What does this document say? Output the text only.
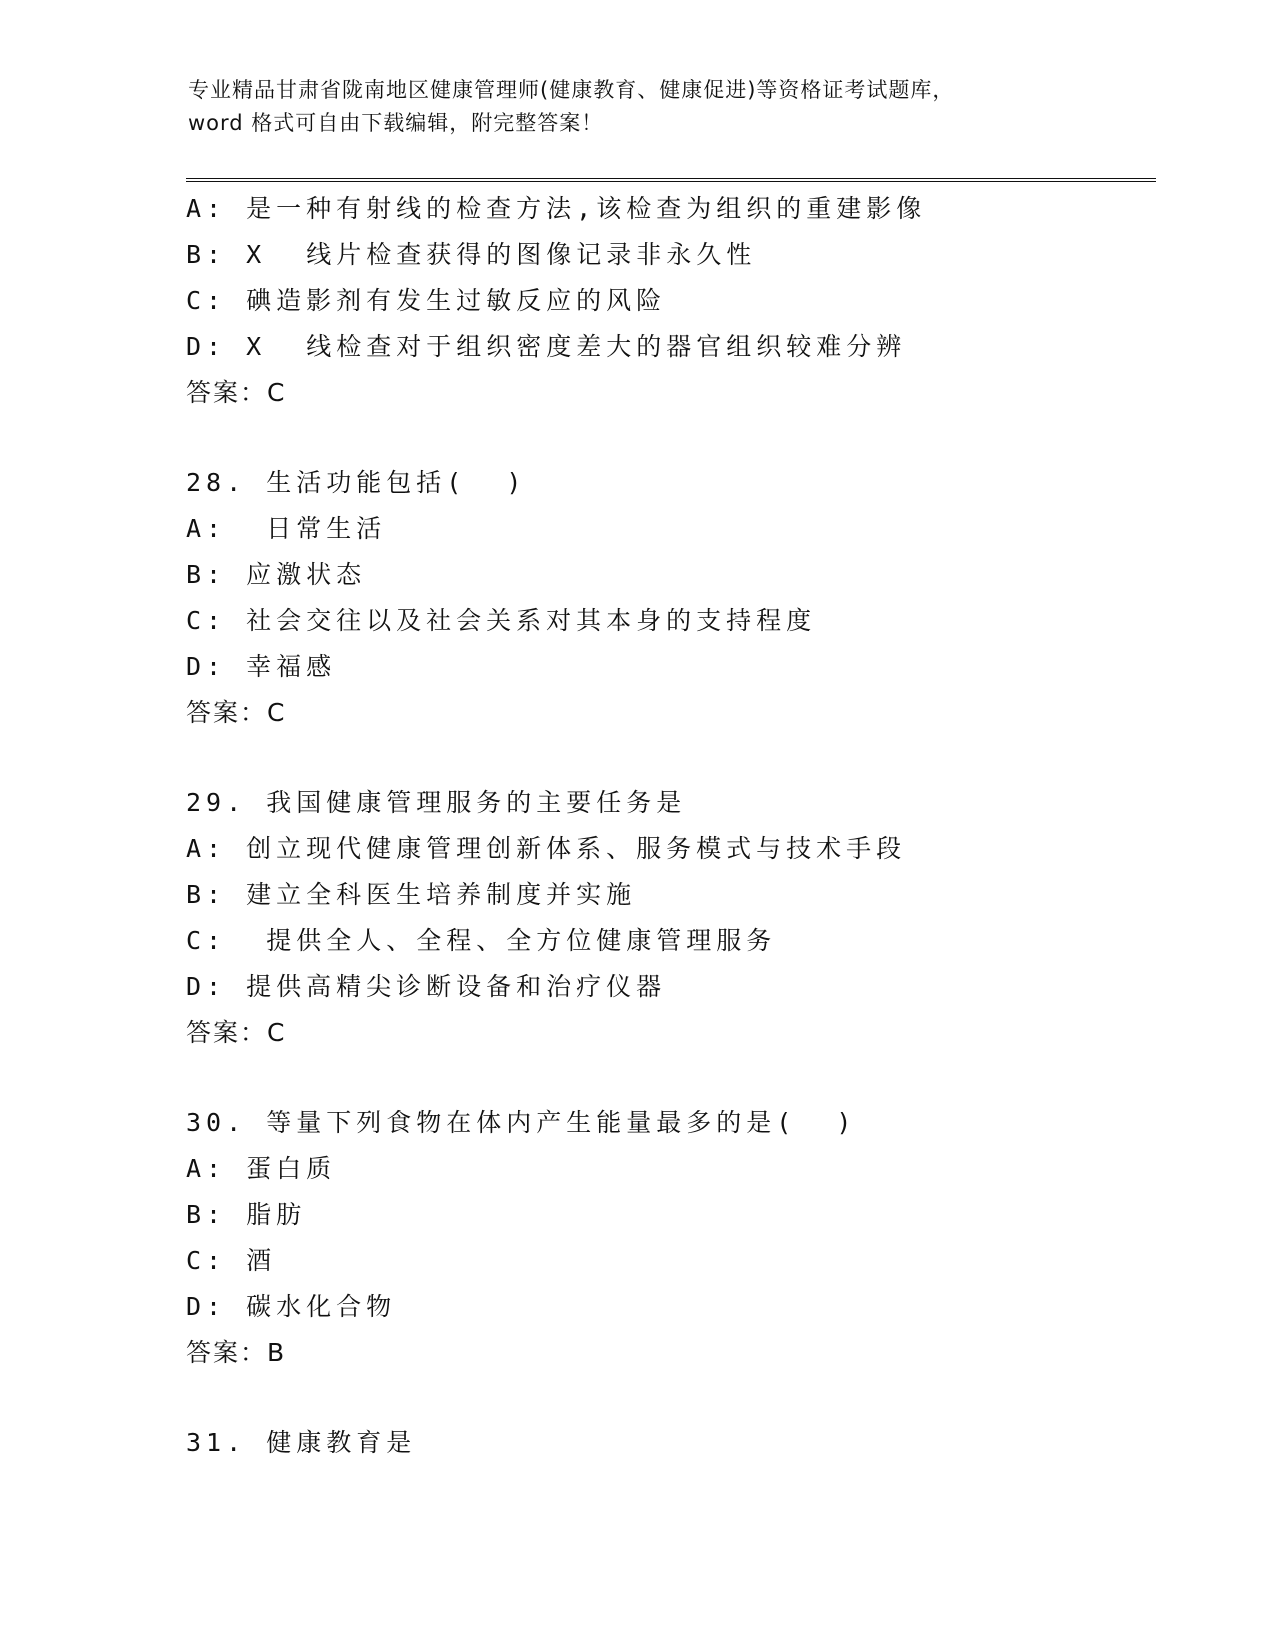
专业精品甘肃省陇南地区健康管理师(健康教育、健康促进)等资格证考试题库，
word 格式可自由下载编辑，附完整答案！
A: 是一种有射线的检查方法,该检查为组织的重建影像
B: X  线片检查获得的图像记录非永久性
C: 碘造影剂有发生过敏反应的风险
D: X  线检查对于组织密度差大的器官组织较难分辨
答案：C
28. 生活功能包括(  )
A:  日常生活
B: 应激状态
C: 社会交往以及社会关系对其本身的支持程度
D: 幸福感
答案：C
29. 我国健康管理服务的主要任务是
A: 创立现代健康管理创新体系、服务模式与技术手段
B: 建立全科医生培养制度并实施
C:  提供全人、全程、全方位健康管理服务
D: 提供高精尖诊断设备和治疗仪器
答案：C
30. 等量下列食物在体内产生能量最多的是(  )
A: 蛋白质
B: 脂肪
C: 酒
D: 碳水化合物
答案：B
31. 健康教育是
